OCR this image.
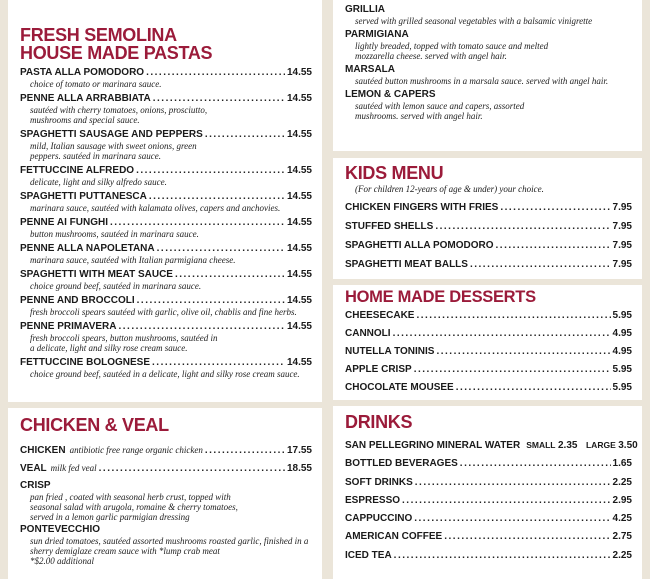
FRESH SEMOLINA
HOUSE MADE PASTAS
PASTA ALLA POMODORO .....	14.55
choice of tomato or marinara sauce.
PENNE ALLA ARRABBIATA .....	14.55
sautéed with cherry tomatoes, onions, prosciutto,
mushrooms and special sauce.
SPAGHETTI SAUSAGE AND PEPPERS .....	14.55
mild, Italian sausage with sweet onions, green
peppers. sautéed in marinara sauce.
FETTUCCINE ALFREDO .....	14.55
delicate, light and silky alfredo sauce.
SPAGHETTI PUTTANESCA .....	14.55
marinara sauce, sautéed with kalamata olives, capers and anchovies.
PENNE AI FUNGHI .....	14.55
button mushrooms, sautéed in marinara sauce.
PENNE ALLA NAPOLETANA .....	14.55
marinara sauce, sautéed with Italian parmigiana cheese.
SPAGHETTI WITH MEAT SAUCE .....	14.55
choice ground beef, sautéed in marinara sauce.
PENNE AND BROCCOLI .....	14.55
fresh broccoli spears sautéed with garlic, olive oil, chablis and fine herbs.
PENNE PRIMAVERA .....	14.55
fresh broccoli spears, button mushrooms, sautéed in
a delicate, light and silky rose cream sauce.
FETTUCCINE BOLOGNESE .....	14.55
choice ground beef, sautéed in a delicate, light and silky rose cream sauce.
CHICKEN & VEAL
CHICKEN antibiotic free range organic chicken .....	17.55
VEAL milk fed veal .....	18.55
CRISP
pan fried , coated with seasonal herb crust, topped with
seasonal salad with arugola, romaine & cherry tomatoes,
served in a lemon garlic parmigian dressing
PONTEVECCHIO
sun dried tomatoes, sautéed assorted mushrooms roasted garlic, finished in a
sherry demiglaze cream sauce with *lump crab meat
*$2.00 additional
GRILLIA
served with grilled seasonal vegetables with a balsamic vinigrette
PARMIGIANA
lightly breaded, topped with tomato sauce and melted
mozzarella cheese. served with angel hair.
MARSALA
sautéed button mushrooms in a marsala sauce. served with angel hair.
LEMON & CAPERS
sautéed with lemon sauce and capers, assorted
mushrooms. served with angel hair.
KIDS MENU
(For children 12-years of age & under) your choice.
CHICKEN FINGERS WITH FRIES .....	7.95
STUFFED SHELLS .....	7.95
SPAGHETTI ALLA POMODORO .....	7.95
SPAGHETTI MEAT BALLS .....	7.95
HOME MADE DESSERTS
CHEESECAKE .....	5.95
CANNOLI .....	4.95
NUTELLA TONINIS .....	4.95
APPLE CRISP .....	5.95
CHOCOLATE MOUSEE .....	5.95
DRINKS
SAN PELLEGRINO MINERAL WATER SMALL 2.35 LARGE 3.50
BOTTLED BEVERAGES .....	1.65
SOFT DRINKS .....	2.25
ESPRESSO .....	2.95
CAPPUCCINO .....	4.25
AMERICAN COFFEE .....	2.75
ICED TEA .....	2.25
